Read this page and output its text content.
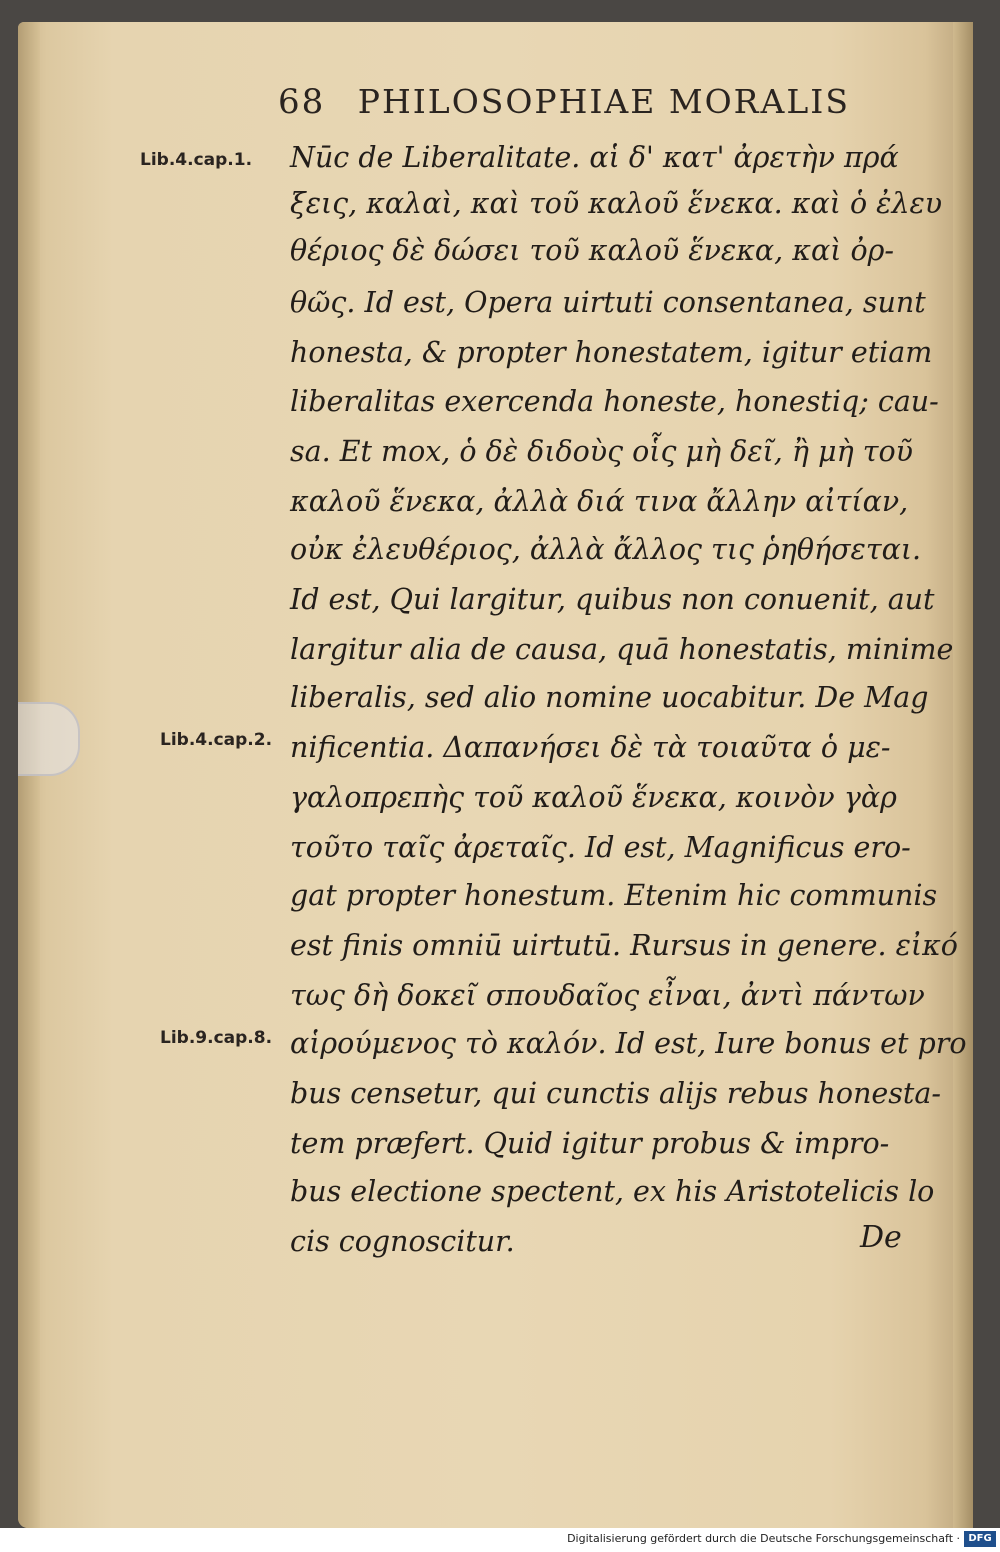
68 PHILOSOPHIAE MORALIS
Lib.4.cap.1.
Lib.4.cap.2.
Lib.9.cap.8.
Nūc de Liberalitate. αἱ δ' κατ' ἀρετὴν πρά
ξεις, καλαὶ, καὶ τοῦ καλοῦ ἕνεκα. καὶ ὁ ἐλευ
θέριος δὲ δώσει τοῦ καλοῦ ἕνεκα, καὶ ὀρ-
θῶς. Id est, Opera uirtuti consentanea, sunt
honesta, & propter honestatem, igitur etiam
liberalitas exercenda honeste, honestiq; cau-
sa. Et mox, ὁ δὲ διδοὺς οἷς μὴ δεῖ, ἢ μὴ τοῦ
καλοῦ ἕνεκα, ἀλλὰ διά τινα ἄλλην αἰτίαν,
οὐκ ἐλευθέριος, ἀλλὰ ἄλλος τις ῥηθήσεται.
Id est, Qui largitur, quibus non conuenit, aut
largitur alia de causa, quā honestatis, minime
liberalis, sed alio nomine uocabitur. De Mag
nificentia. Δαπανήσει δὲ τὰ τοιαῦτα ὁ με-
γαλοπρεπὴς τοῦ καλοῦ ἕνεκα, κοινὸν γὰρ
τοῦτο ταῖς ἀρεταῖς. Id est, Magnificus ero-
gat propter honestum. Etenim hic communis
est finis omniū uirtutū. Rursus in genere. εἰκό
τως δὴ δοκεῖ σπουδαῖος εἶναι, ἀντὶ πάντων
αἱρούμενος τὸ καλόν. Id est, Iure bonus et pro
bus censetur, qui cunctis alijs rebus honesta-
tem præfert. Quid igitur probus & impro-
bus electione spectent, ex his Aristotelicis lo
cis cognoscitur.	De
Digitalisierung gefördert durch die Deutsche Forschungsgemeinschaft · DFG
